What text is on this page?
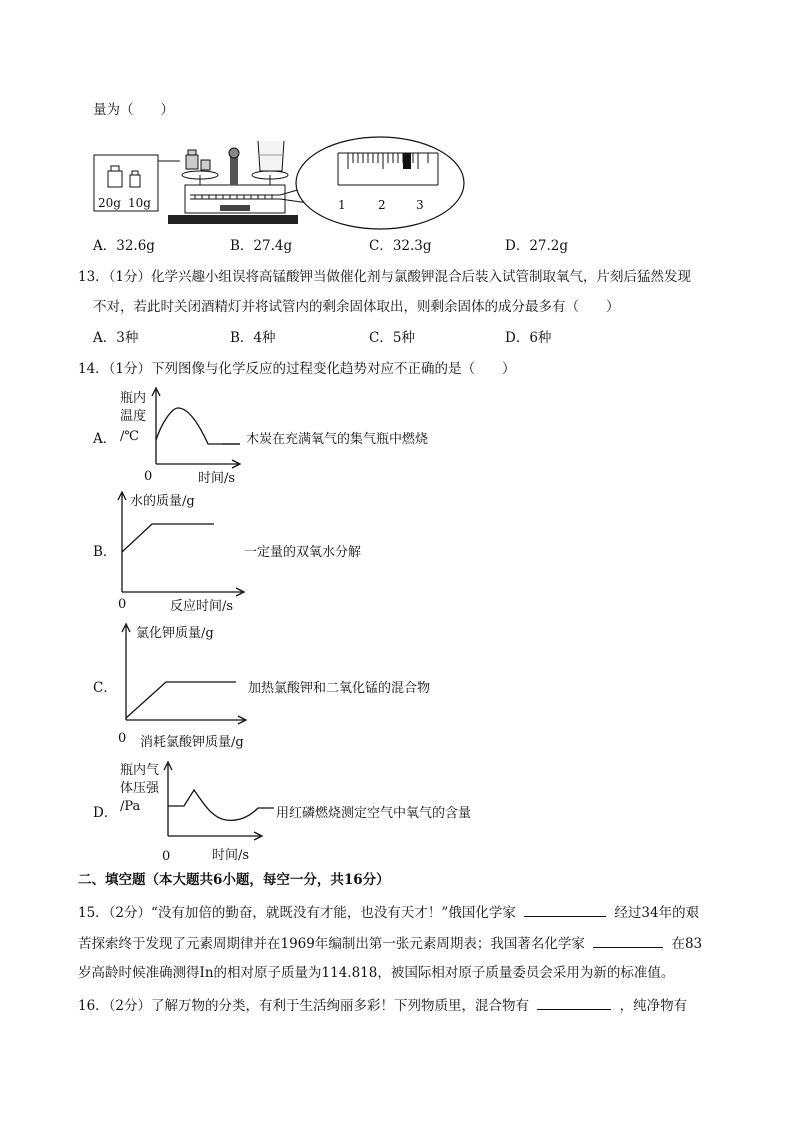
量为（　　）
20g 10g	1	2	3
A．32.6g	B．27.4g	C．32.3g	D．27.2g
13．（1分）化学兴趣小组误将高锰酸钾当做催化剂与氯酸钾混合后装入试管制取氧气，片刻后猛然发现
不对，若此时关闭酒精灯并将试管内的剩余固体取出，则剩余固体的成分最多有（　　）
A．3种	B．4种	C．5种	D．6种
14．（1分）下列图像与化学反应的过程变化趋势对应不正确的是（　　）
A．
瓶内
温度
/℃
0	时间/s
木炭在充满氧气的集气瓶中燃烧
B．
水的质量/g
0	反应时间/s
一定量的双氧水分解
C．
氯化钾质量/g
0 消耗氯酸钾质量/g
加热氯酸钾和二氧化锰的混合物
D．
瓶内气
体压强
/Pa
0	时间/s
用红磷燃烧测定空气中氧气的含量
二、填空题（本大题共6小题，每空一分，共16分）
15．（2分）“没有加倍的勤奋，就既没有才能，也没有天才！”俄国化学家	经过34年的艰
苦探索终于发现了元素周期律并在1969年编制出第一张元素周期表；我国著名化学家	在83
岁高龄时候准确测得In的相对原子质量为114.818，被国际相对原子质量委员会采用为新的标准值。
16．（2分）了解万物的分类，有利于生活绚丽多彩！下列物质里，混合物有	，纯净物有
